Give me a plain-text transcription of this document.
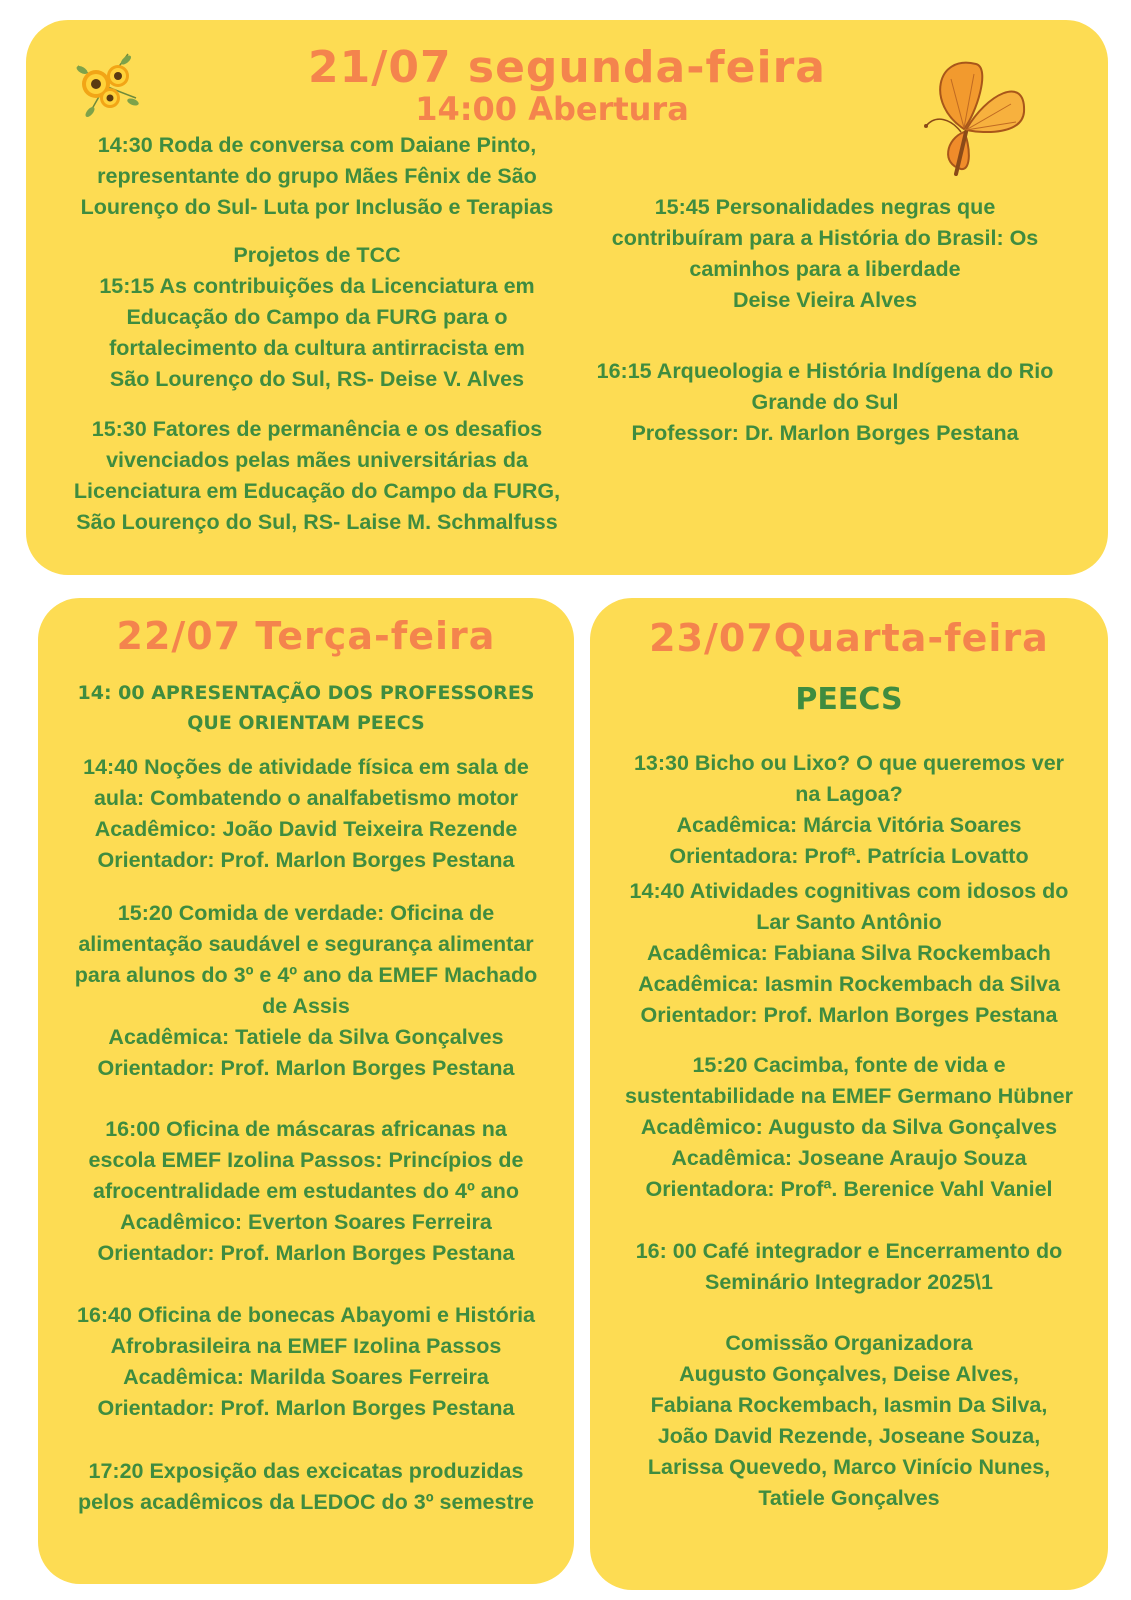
21/07 segunda-feira
14:00 Abertura
14:30 Roda de conversa com Daiane Pinto,
representante do grupo Mães Fênix de São
Lourenço do Sul- Luta por Inclusão e Terapias
Projetos de TCC
15:15 As contribuições da Licenciatura em
Educação do Campo da FURG para o
fortalecimento da cultura antirracista em
São Lourenço do Sul, RS- Deise V. Alves
15:30 Fatores de permanência e os desafios
vivenciados pelas mães universitárias da
Licenciatura em Educação do Campo da FURG,
São Lourenço do Sul, RS- Laise M. Schmalfuss
15:45 Personalidades negras que
contribuíram para a História do Brasil: Os
caminhos para a liberdade
Deise Vieira Alves
16:15 Arqueologia e História Indígena do Rio
Grande do Sul
Professor: Dr. Marlon Borges Pestana
22/07 Terça-feira
14: 00 APRESENTAÇÃO DOS PROFESSORES
QUE ORIENTAM PEECS
14:40 Noções de atividade física em sala de
aula: Combatendo o analfabetismo motor
Acadêmico: João David Teixeira Rezende
Orientador: Prof. Marlon Borges Pestana
15:20 Comida de verdade: Oficina de
alimentação saudável e segurança alimentar
para alunos do 3º e 4º ano da EMEF Machado
de Assis
Acadêmica: Tatiele da Silva Gonçalves
Orientador: Prof. Marlon Borges Pestana
16:00 Oficina de máscaras africanas na
escola EMEF Izolina Passos: Princípios de
afrocentralidade em estudantes do 4º ano
Acadêmico: Everton Soares Ferreira
Orientador: Prof. Marlon Borges Pestana
16:40 Oficina de bonecas Abayomi e História
Afrobrasileira na EMEF Izolina Passos
Acadêmica: Marilda Soares Ferreira
Orientador: Prof. Marlon Borges Pestana
17:20 Exposição das excicatas produzidas
pelos acadêmicos da LEDOC do 3º semestre
23/07Quarta-feira
PEECS
13:30 Bicho ou Lixo? O que queremos ver
na Lagoa?
Acadêmica: Márcia Vitória Soares
Orientadora: Profª. Patrícia Lovatto
14:40 Atividades cognitivas com idosos do
Lar Santo Antônio
Acadêmica: Fabiana Silva Rockembach
Acadêmica: Iasmin Rockembach da Silva
Orientador: Prof. Marlon Borges Pestana
15:20 Cacimba, fonte de vida e
sustentabilidade na EMEF Germano Hübner
Acadêmico: Augusto da Silva Gonçalves
Acadêmica: Joseane Araujo Souza
Orientadora: Profª. Berenice Vahl Vaniel
16: 00 Café integrador e Encerramento do
Seminário Integrador 2025\1
Comissão Organizadora
Augusto Gonçalves, Deise Alves,
Fabiana Rockembach, Iasmin Da Silva,
João David Rezende, Joseane Souza,
Larissa Quevedo, Marco Vinício Nunes,
Tatiele Gonçalves
